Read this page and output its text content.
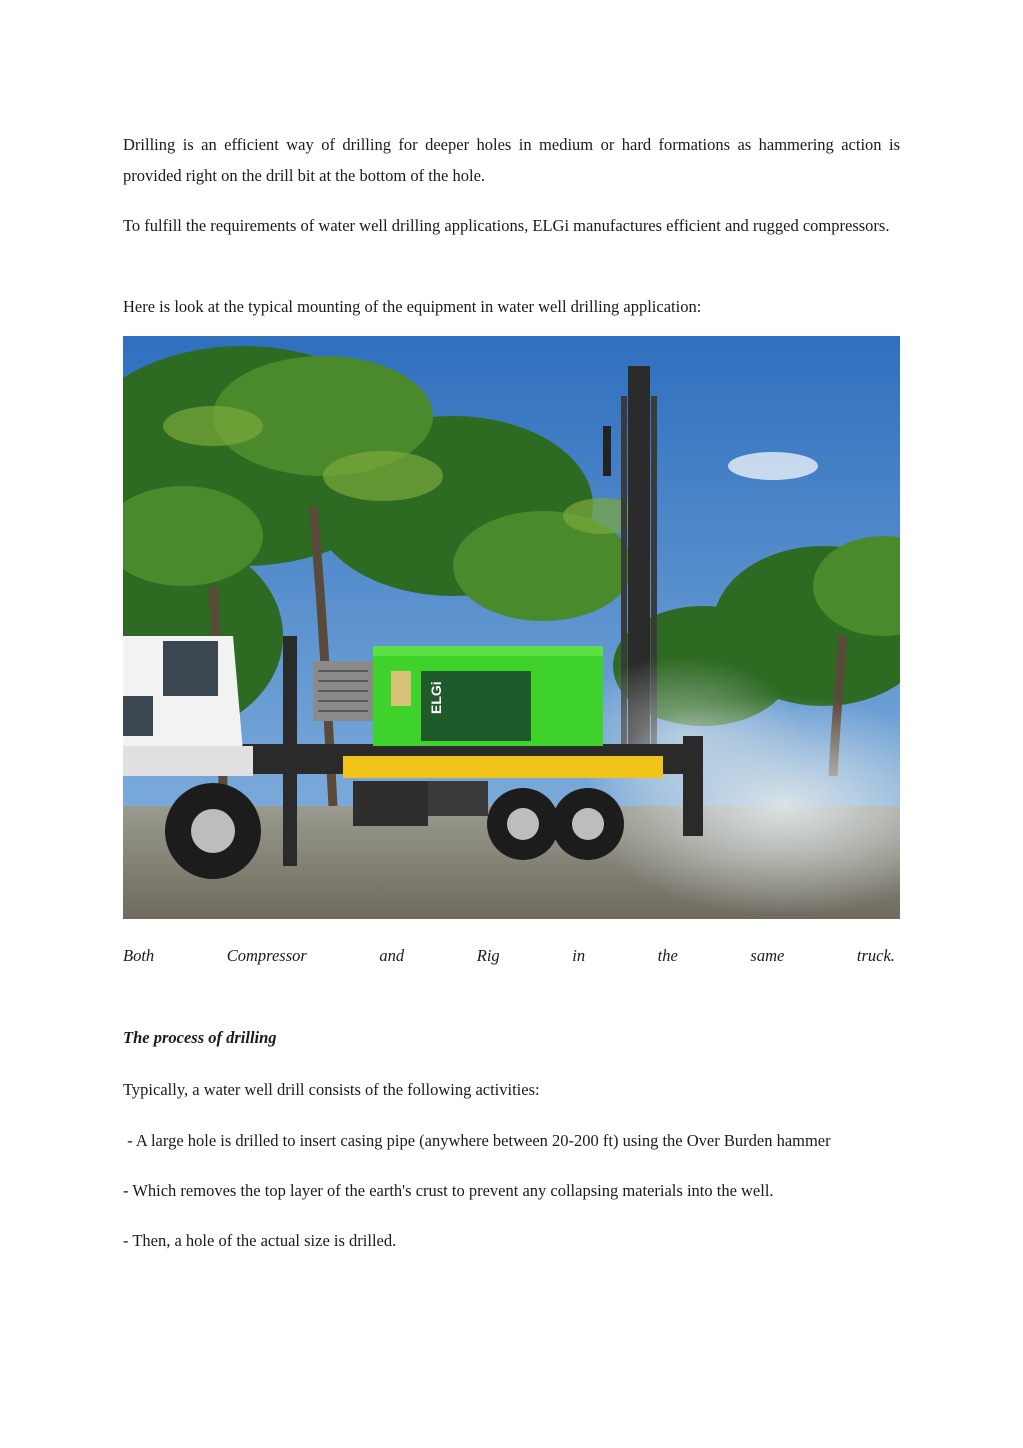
Drilling is an efficient way of drilling for deeper holes in medium or hard formations as hammering action is provided right on the drill bit at the bottom of the hole.

To fulfill the requirements of water well drilling applications, ELGi manufactures efficient and rugged compressors.

Here is look at the typical mounting of the equipment in water well drilling application:

ELGi
Both	Compressor	and	Rig	in	the	same	truck.

The process of drilling

Typically, a water well drill consists of the following activities:

- A large hole is drilled to insert casing pipe (anywhere between 20-200 ft) using the Over Burden hammer

- Which removes the top layer of the earth's crust to prevent any collapsing materials into the well.

- Then, a hole of the actual size is drilled.
